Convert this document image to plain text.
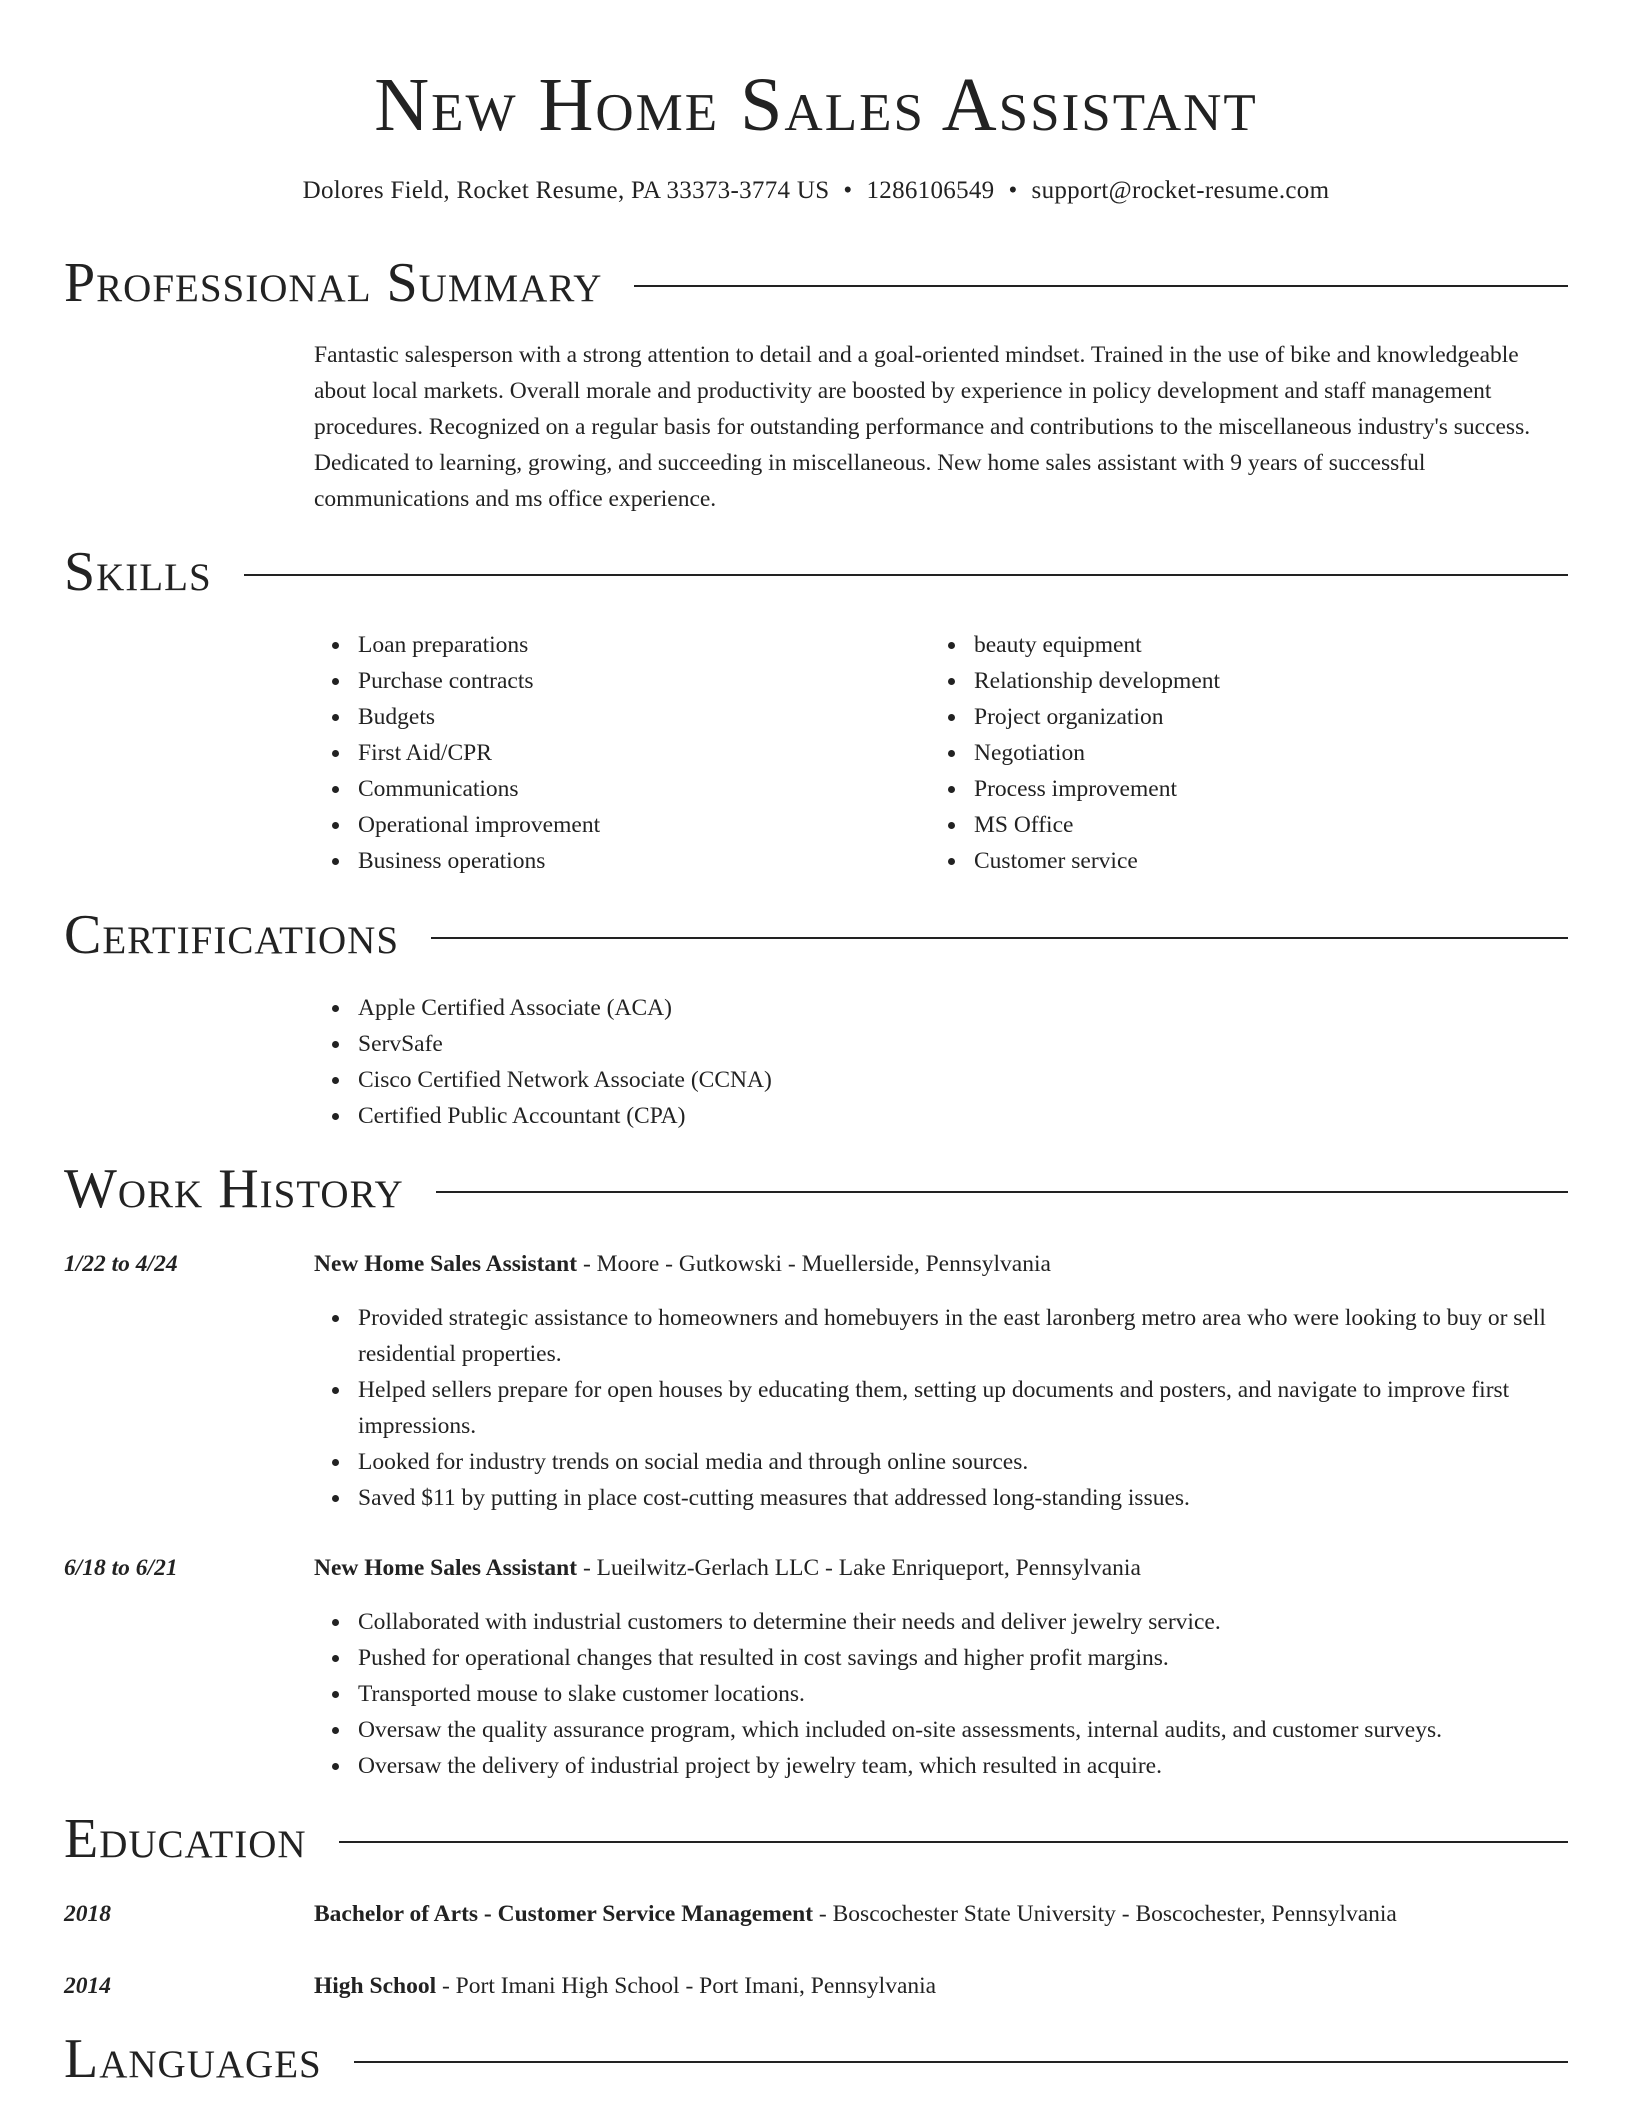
New Home Sales Assistant
Dolores Field, Rocket Resume, PA 33373-3774 US • 1286106549 • support@rocket-resume.com
Professional Summary

Fantastic salesperson with a strong attention to detail and a goal-oriented mindset. Trained in the use of bike and knowledgeable about local markets. Overall morale and productivity are boosted by experience in policy development and staff management procedures. Recognized on a regular basis for outstanding performance and contributions to the miscellaneous industry's success. Dedicated to learning, growing, and succeeding in miscellaneous. New home sales assistant with 9 years of successful communications and ms office experience.

Skills
Loan preparations
Purchase contracts
Budgets
First Aid/CPR
Communications
Operational improvement
Business operations
beauty equipment
Relationship development
Project organization
Negotiation
Process improvement
MS Office
Customer service
Certifications
Apple Certified Associate (ACA)
ServSafe
Cisco Certified Network Associate (CCNA)
Certified Public Accountant (CPA)
Work History
1/22 to 4/24	New Home Sales Assistant - Moore - Gutkowski - Muellerside, Pennsylvania
Provided strategic assistance to homeowners and homebuyers in the east laronberg metro area who were looking to buy or sell residential properties.
Helped sellers prepare for open houses by educating them, setting up documents and posters, and navigate to improve first impressions.
Looked for industry trends on social media and through online sources.
Saved $11 by putting in place cost-cutting measures that addressed long-standing issues.
6/18 to 6/21	New Home Sales Assistant - Lueilwitz-Gerlach LLC - Lake Enriqueport, Pennsylvania
Collaborated with industrial customers to determine their needs and deliver jewelry service.
Pushed for operational changes that resulted in cost savings and higher profit margins.
Transported mouse to slake customer locations.
Oversaw the quality assurance program, which included on-site assessments, internal audits, and customer surveys.
Oversaw the delivery of industrial project by jewelry team, which resulted in acquire.
Education
2018	Bachelor of Arts - Customer Service Management - Boscochester State University - Boscochester, Pennsylvania
2014	High School - Port Imani High School - Port Imani, Pennsylvania
Languages
